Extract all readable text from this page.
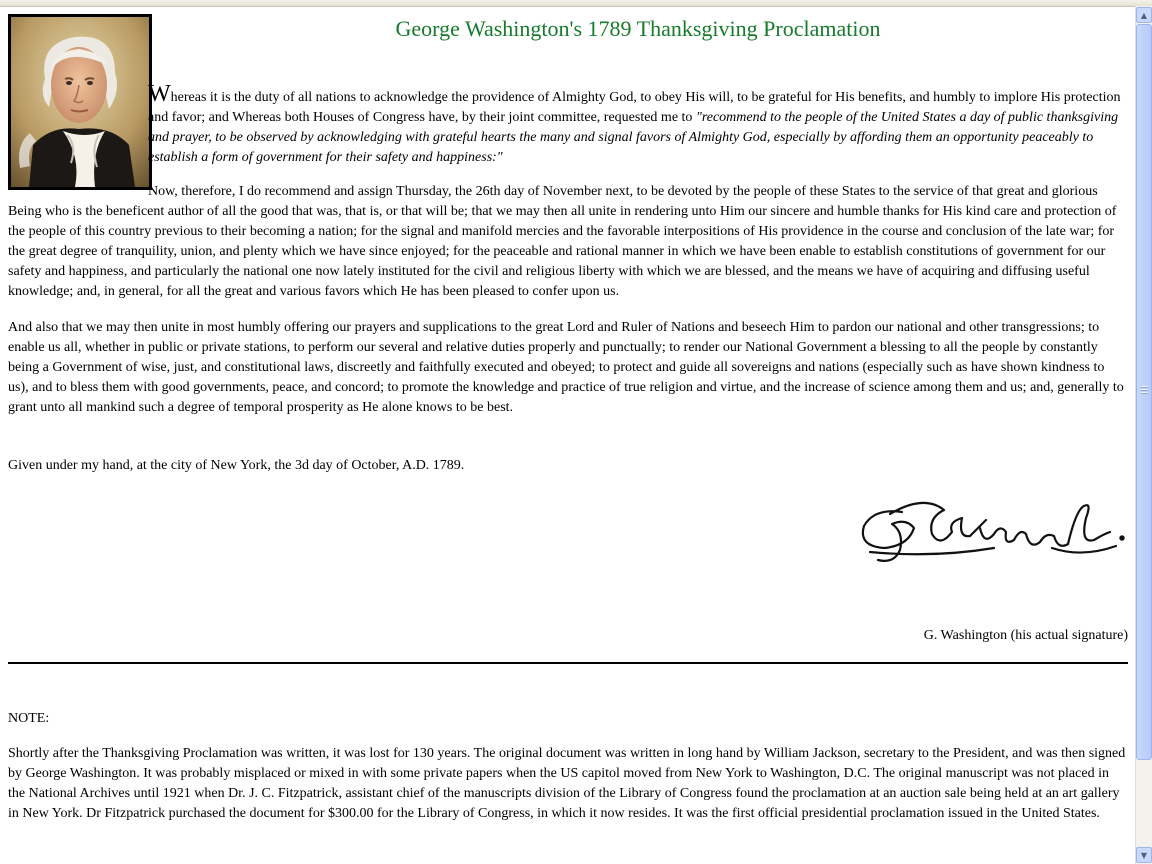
George Washington's 1789 Thanksgiving Proclamation

Whereas it is the duty of all nations to acknowledge the providence of Almighty God, to obey His will, to be grateful for His benefits, and humbly to implore His protection and favor; and Whereas both Houses of Congress have, by their joint committee, requested me to "recommend to the people of the United States a day of public thanksgiving and prayer, to be observed by acknowledging with grateful hearts the many and signal favors of Almighty God, especially by affording them an opportunity peaceably to establish a form of government for their safety and happiness:"

Now, therefore, I do recommend and assign Thursday, the 26th day of November next, to be devoted by the people of these States to the service of that great and glorious Being who is the beneficent author of all the good that was, that is, or that will be; that we may then all unite in rendering unto Him our sincere and humble thanks for His kind care and protection of the people of this country previous to their becoming a nation; for the signal and manifold mercies and the favorable interpositions of His providence in the course and conclusion of the late war; for the great degree of tranquility, union, and plenty which we have since enjoyed; for the peaceable and rational manner in which we have been enable to establish constitutions of government for our safety and happiness, and particularly the national one now lately instituted for the civil and religious liberty with which we are blessed, and the means we have of acquiring and diffusing useful knowledge; and, in general, for all the great and various favors which He has been pleased to confer upon us.

And also that we may then unite in most humbly offering our prayers and supplications to the great Lord and Ruler of Nations and beseech Him to pardon our national and other transgressions; to enable us all, whether in public or private stations, to perform our several and relative duties properly and punctually; to render our National Government a blessing to all the people by constantly being a Government of wise, just, and constitutional laws, discreetly and faithfully executed and obeyed; to protect and guide all sovereigns and nations (especially such as have shown kindness to us), and to bless them with good governments, peace, and concord; to promote the knowledge and practice of true religion and virtue, and the increase of science among them and us; and, generally to grant unto all mankind such a degree of temporal prosperity as He alone knows to be best.

Given under my hand, at the city of New York, the 3d day of October, A.D. 1789.

G. Washington (his actual signature)

NOTE:

Shortly after the Thanksgiving Proclamation was written, it was lost for 130 years. The original document was written in long hand by William Jackson, secretary to the President, and was then signed by George Washington. It was probably misplaced or mixed in with some private papers when the US capitol moved from New York to Washington, D.C. The original manuscript was not placed in the National Archives until 1921 when Dr. J. C. Fitzpatrick, assistant chief of the manuscripts division of the Library of Congress found the proclamation at an auction sale being held at an art gallery in New York. Dr Fitzpatrick purchased the document for $300.00 for the Library of Congress, in which it now resides. It was the first official presidential proclamation issued in the United States.

▲
▼
